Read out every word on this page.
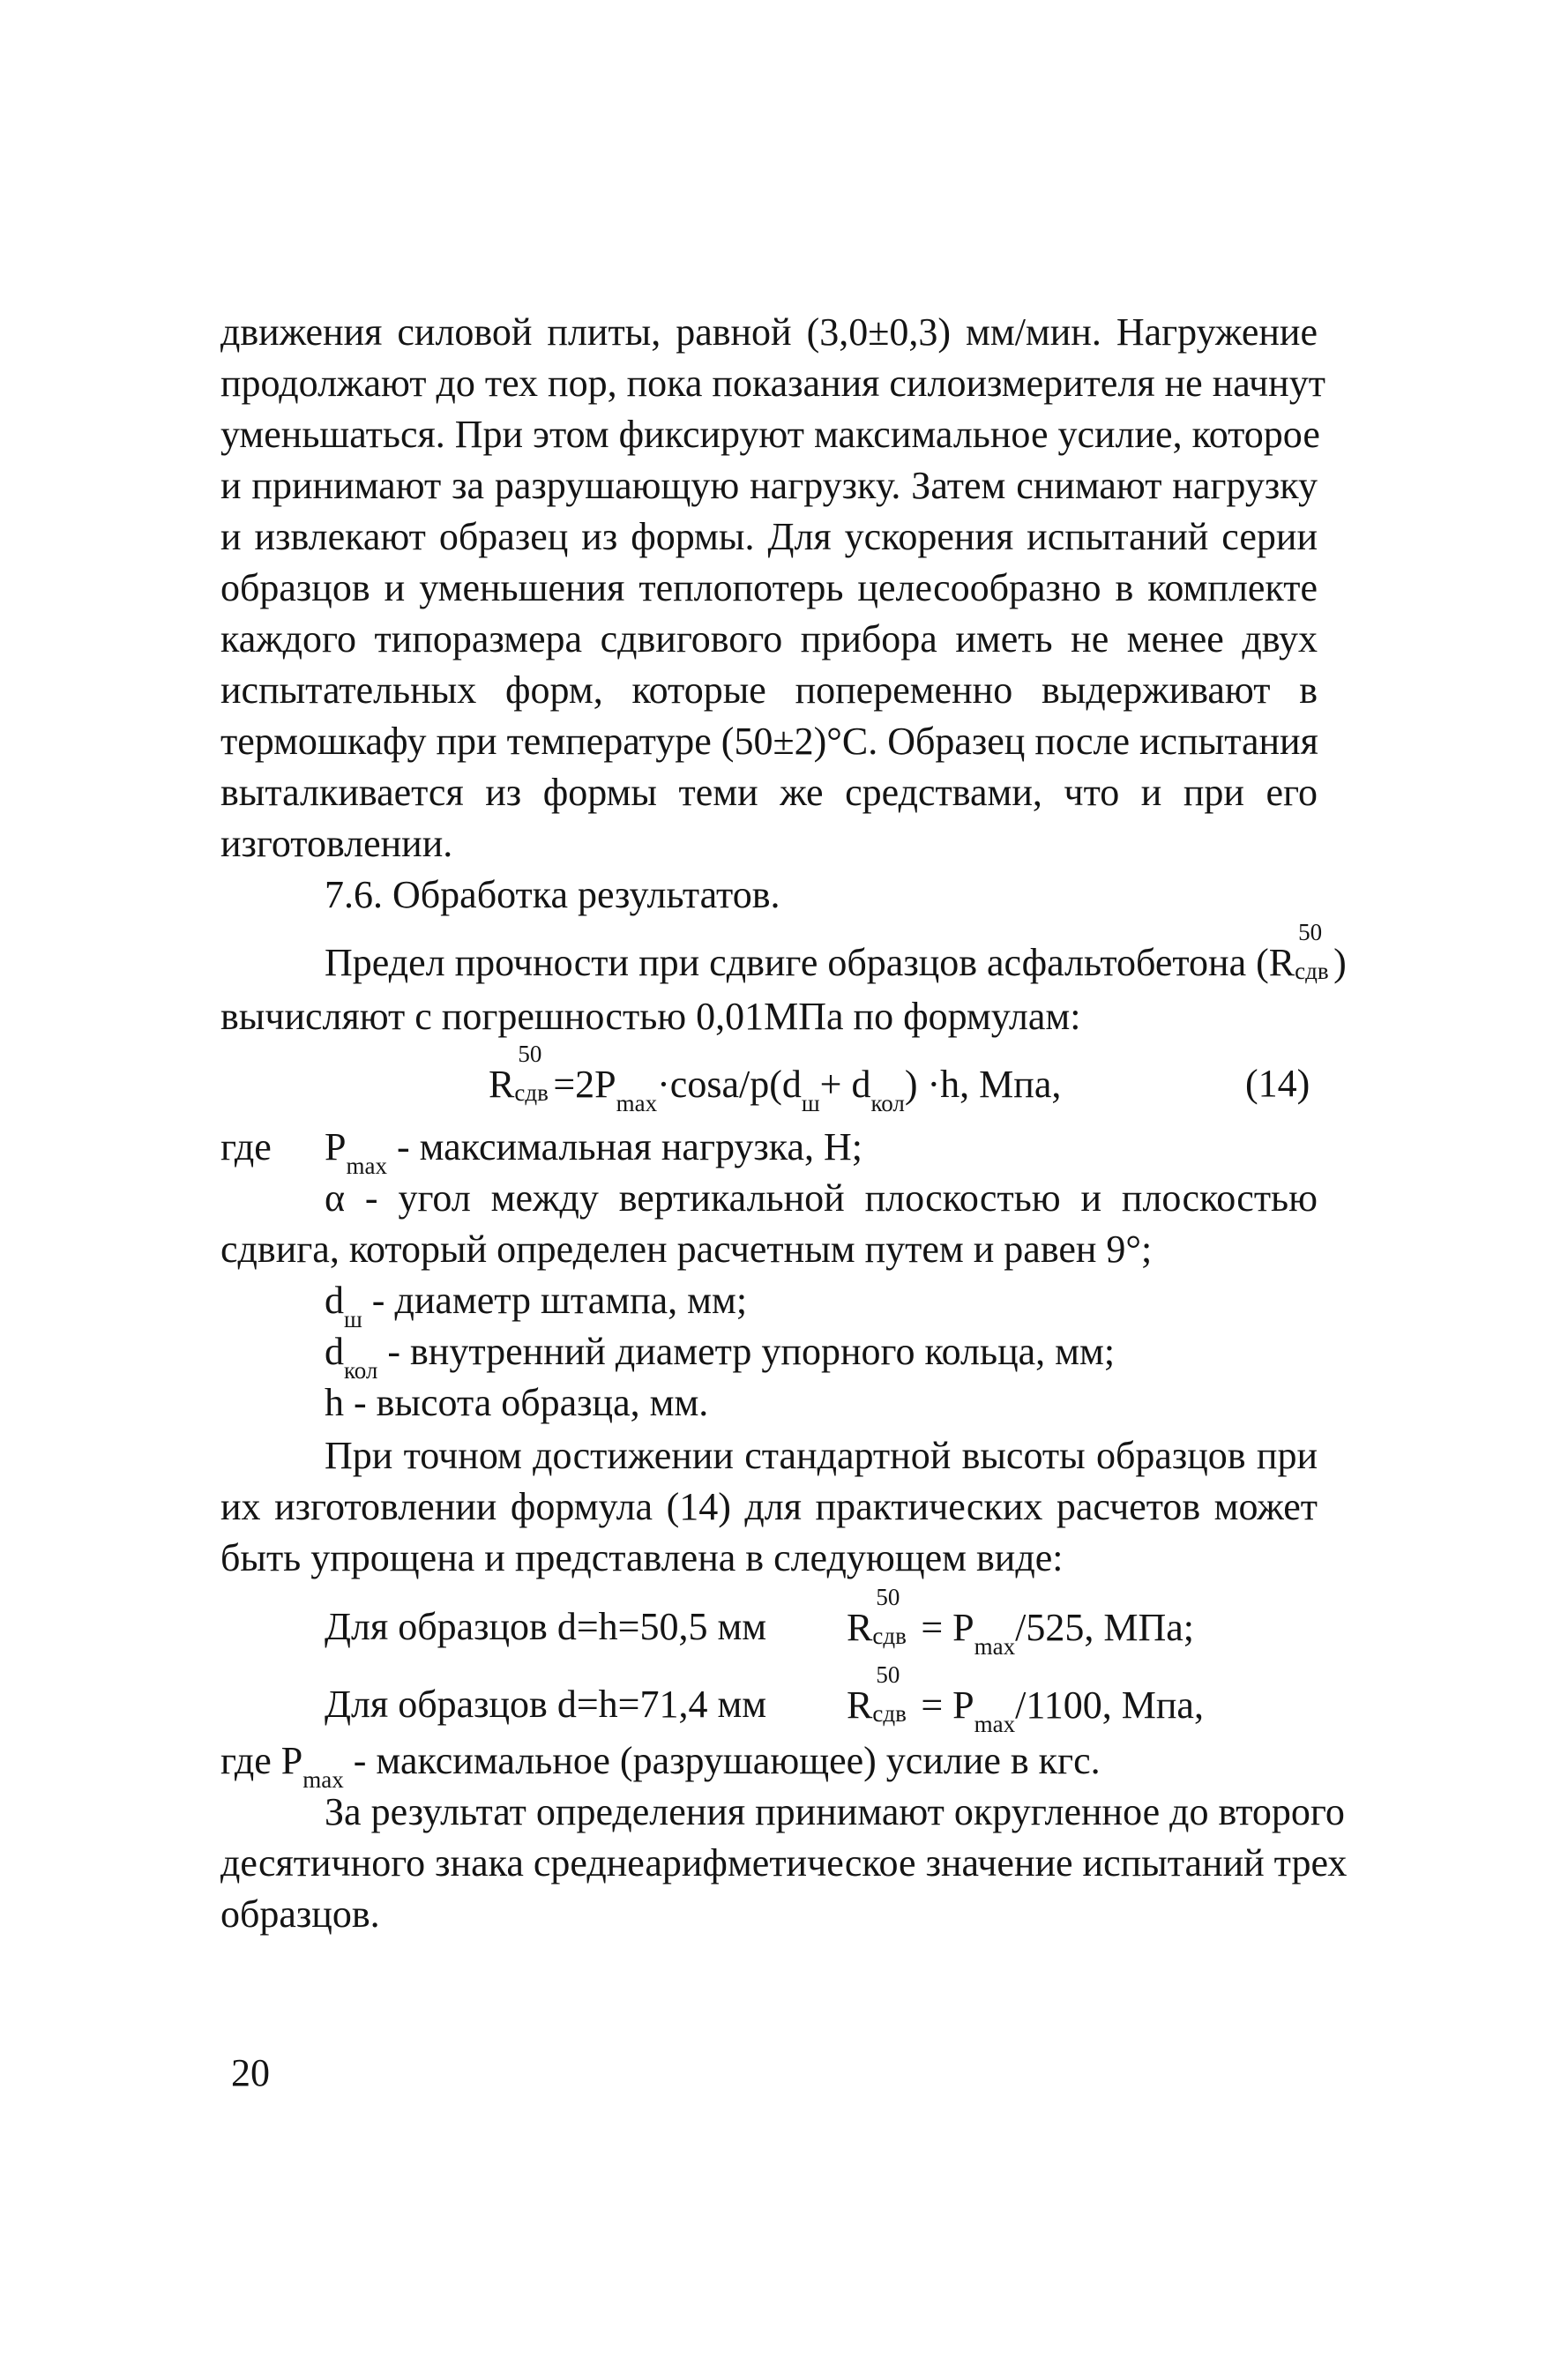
движения силовой плиты, равной (3,0±0,3) мм/мин. Нагружение
продолжают до тех пор, пока показания силоизмерителя не начнут
уменьшаться. При этом фиксируют максимальное усилие, которое
и принимают за разрушающую нагрузку. Затем снимают нагрузку
и извлекают образец из формы. Для ускорения испытаний серии
образцов и уменьшения теплопотерь целесообразно в комплекте
каждого типоразмера сдвигового прибора иметь не менее двух
испытательных форм, которые попеременно выдерживают в
термошкафу при температуре (50±2)°С. Образец после испытания
выталкивается из формы теми же средствами, что и при его
изготовлении.
7.6. Обработка результатов.
Предел прочности при сдвиге образцов асфальтобетона (R
50
сдв )
вычисляют с погрешностью 0,01МПа по формулам:
R
50
сдв $=2P_{max}\cdot\cos a/p(d_ш+ d_{кол}) \cdot h$, Мпа,	(14)
где $P_{max}$ - максимальная нагрузка, Н;
α - угол между вертикальной плоскостью и плоскостью
сдвига, который определен расчетным путем и равен 9°;
$d_ш$ - диаметр штампа, мм;
$d_{кол}$ - внутренний диаметр упорного кольца, мм;
h - высота образца, мм.
При точном достижении стандартной высоты образцов при
их изготовлении формула (14) для практических расчетов может
быть упрощена и представлена в следующем виде:
Для образцов d=h=50,5 мм R
50
сдв = $P_{max}/525$, МПа;
Для образцов d=h=71,4 мм R
50
сдв = $P_{max}/1100$, Мпа,
где $P_{max}$ - максимальное (разрушающее) усилие в кгс.
За результат определения принимают округленное до второго
десятичного знака среднеарифметическое значение испытаний трех
образцов.
20
